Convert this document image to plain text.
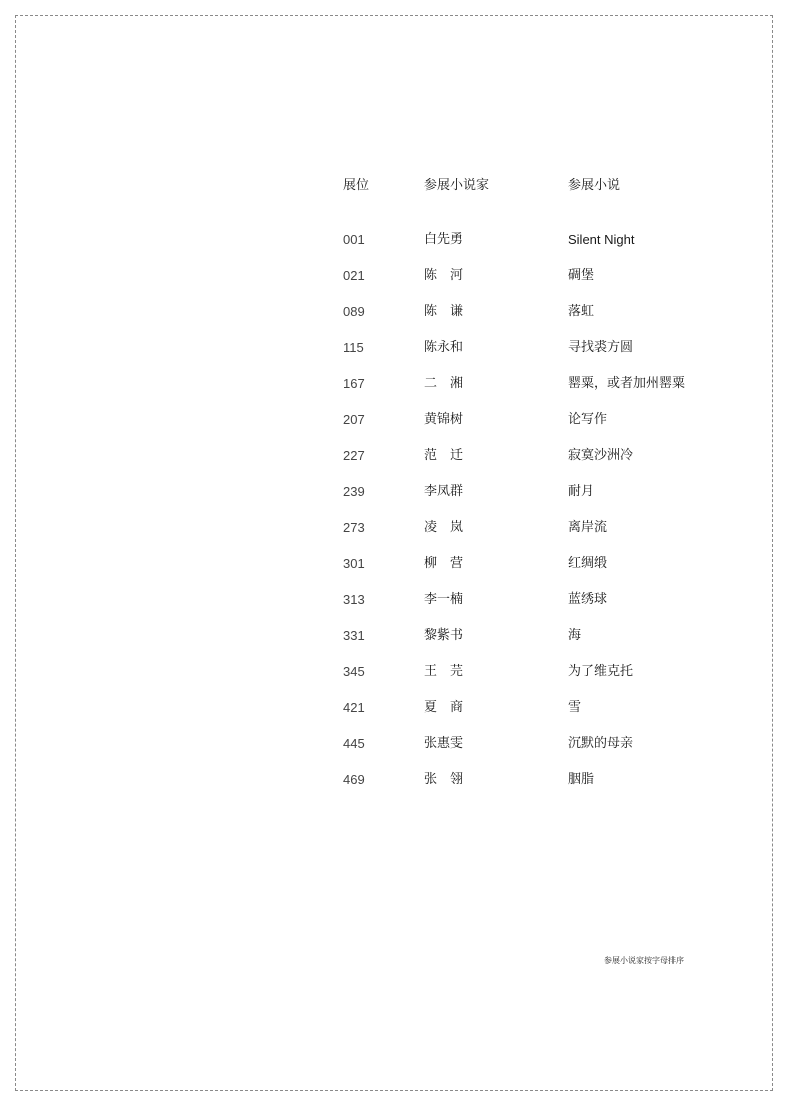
展位	参展小说家	参展小说
001	白先勇	Silent Night
021	陈　河	碉堡
089	陈　谦	落虹
115	陈永和	寻找裘方圆
167	二　湘	罂粟，或者加州罂粟
207	黄锦树	论写作
227	范　迁	寂寞沙洲冷
239	李凤群	耐月
273	凌　岚	离岸流
301	柳　营	红绸缎
313	李一楠	蓝绣球
331	黎紫书	海
345	王　芫	为了维克托
421	夏　商	雪
445	张惠雯	沉默的母亲
469	张　翎	胭脂
参展小说家按字母排序
